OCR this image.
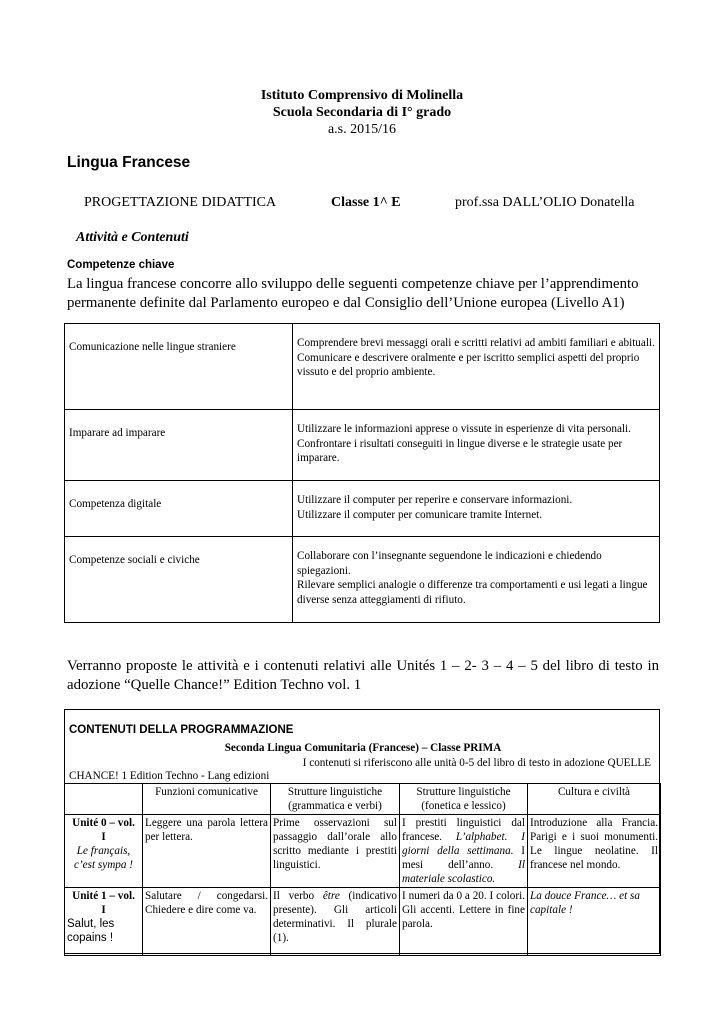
Istituto Comprensivo di Molinella
Scuola Secondaria di I° grado
a.s. 2015/16
Lingua Francese
PROGETTAZIONE DIDATTICA	Classe 1^ E	prof.ssa DALL’OLIO Donatella
Attività e Contenuti
Competenze chiave
La lingua francese concorre allo sviluppo delle seguenti competenze chiave per l’apprendimento
permanente definite dal Parlamento europeo e dal Consiglio dell’Unione europea (Livello A1)
Comunicazione nelle lingue straniere	Comprendere brevi messaggi orali e scritti relativi ad ambiti familiari e abituali.
Comunicare e descrivere oralmente e per iscritto semplici aspetti del proprio vissuto e del proprio ambiente.

Imparare ad imparare	Utilizzare le informazioni apprese o vissute in esperienze di vita personali.
Confrontare i risultati conseguiti in lingue diverse e le strategie usate per imparare.

Competenza digitale	Utilizzare il computer per reperire e conservare informazioni.
Utilizzare il computer per comunicare tramite Internet.

Competenze sociali e civiche	Collaborare con l’insegnante seguendone le indicazioni e chiedendo spiegazioni.
Rilevare semplici analogie o differenze tra comportamenti e usi legati a lingue diverse senza atteggiamenti di rifiuto.
Verranno proposte le attività e i contenuti relativi alle Unités 1 – 2- 3 – 4 – 5 del libro di testo in
adozione “Quelle Chance!” Edition Techno vol. 1
CONTENUTI DELLA PROGRAMMAZIONE
Seconda Lingua Comunitaria (Francese) – Classe PRIMA
I contenuti si riferiscono alle unità 0-5 del libro di testo in adozione QUELLE
CHANCE! 1 Edition Techno - Lang edizioni
	Funzioni comunicative	Strutture linguistiche (grammatica e verbi)	Strutture linguistiche (fonetica e lessico)	Cultura e civiltà

Unité 0 – vol.
I
Le français,
c’est sympa !	Leggere una parola lettera per lettera.	Prime osservazioni sul passaggio dall’orale allo scritto mediante i prestiti linguistici.	I prestiti linguistici dal francese. L’alphabet. I giorni della settimana. I mesi dell’anno. Il materiale scolastico.	Introduzione alla Francia. Parigi e i suoi monumenti. Le lingue neolatine. Il francese nel mondo.

Unité 1 – vol.
I
Salut, les copains !	Salutare / congedarsi. Chiedere e dire come va.	Il verbo être (indicativo presente). Gli articoli determinativi. Il plurale (1).	I numeri da 0 a 20. I colori. Gli accenti. Lettere in fine parola.	La douce France… et sa capitale !
